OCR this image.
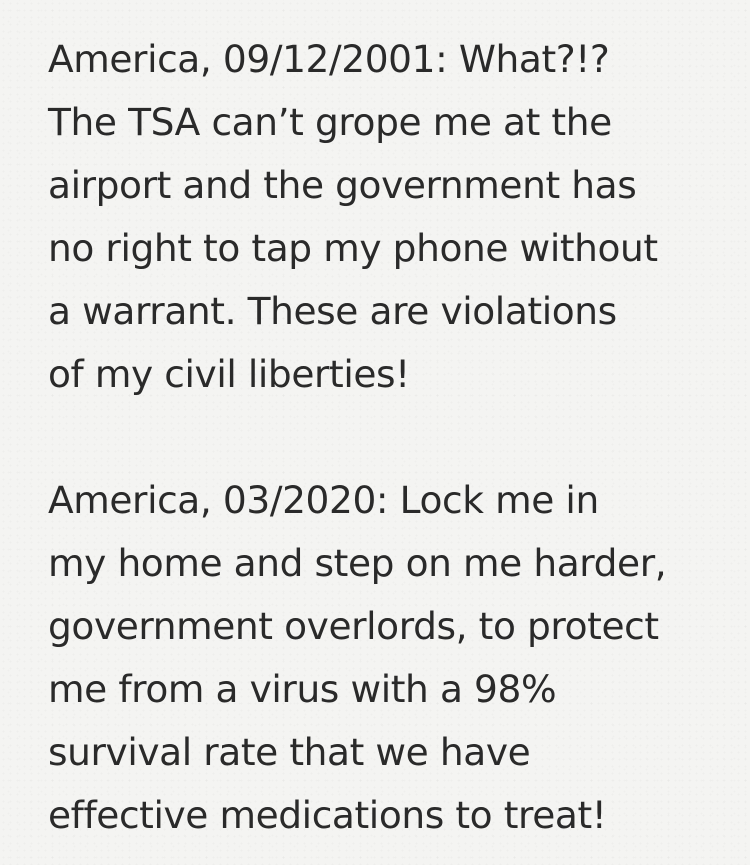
America, 09/12/2001: What?!?
The TSA can’t grope me at the
airport and the government has
no right to tap my phone without
a warrant. These are violations
of my civil liberties!

America, 03/2020: Lock me in
my home and step on me harder,
government overlords, to protect
me from a virus with a 98%
survival rate that we have
effective medications to treat!
